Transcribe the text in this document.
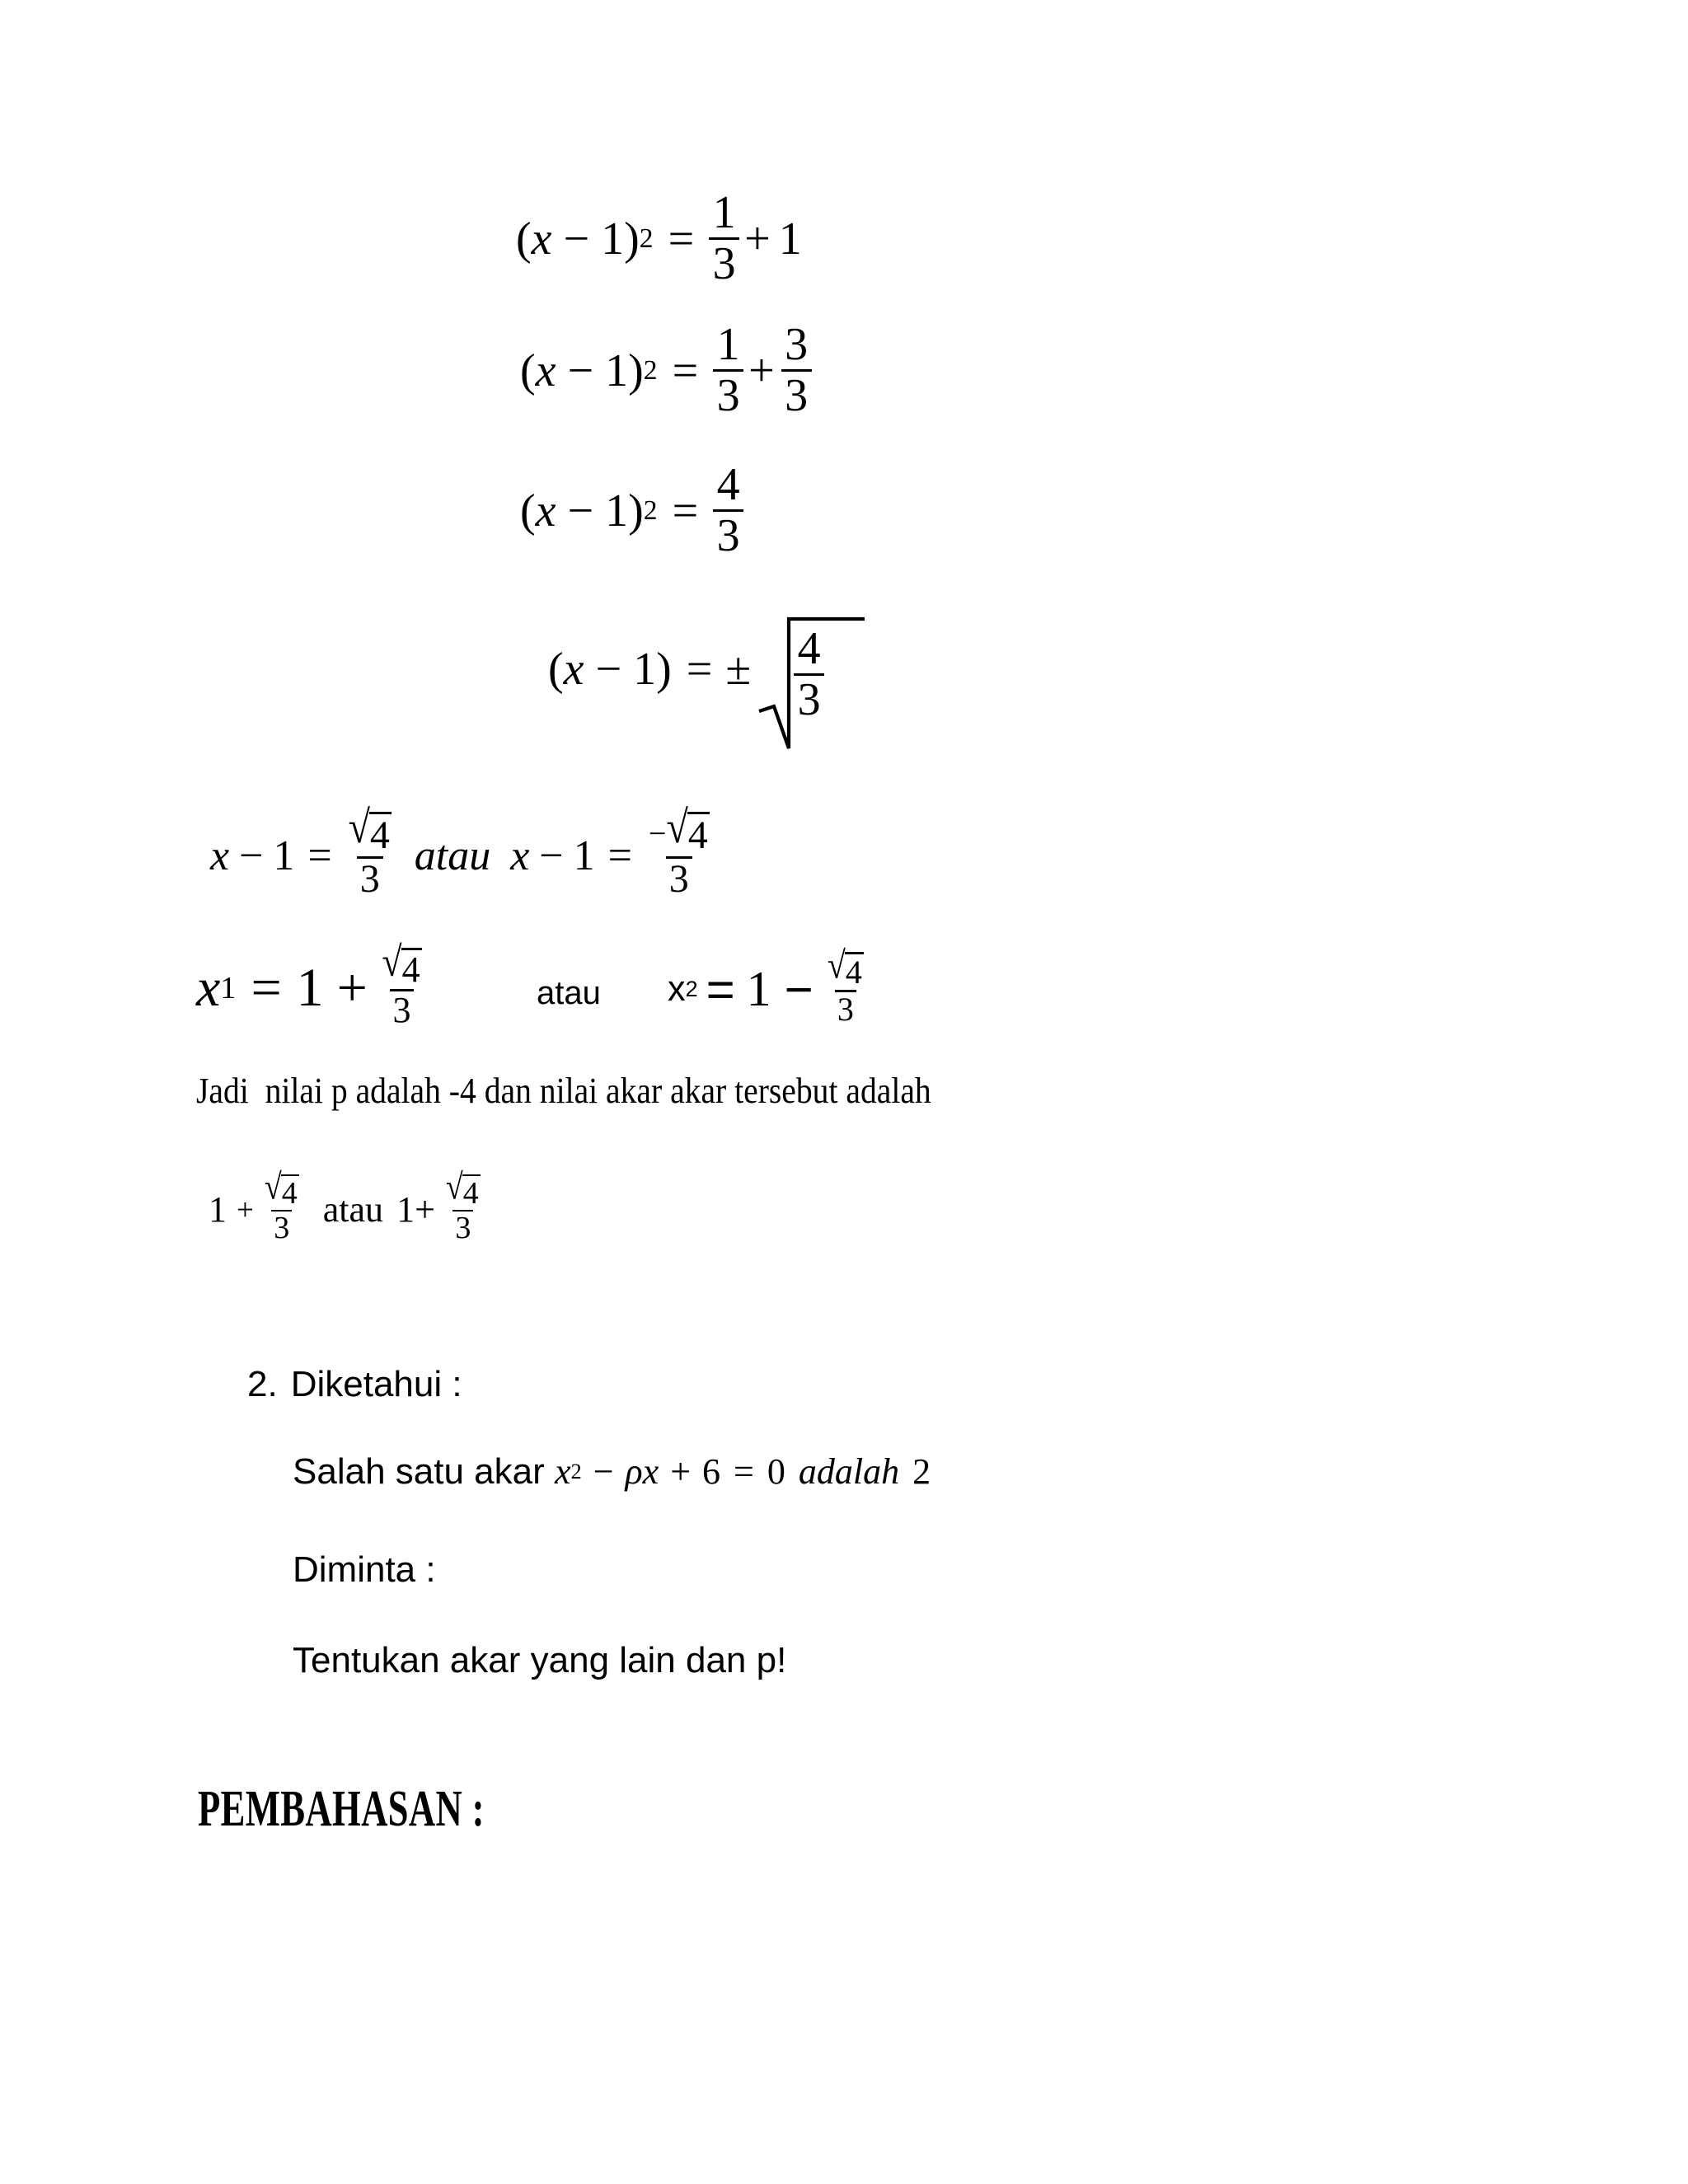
( x − 1 ) $2 = \frac{1}{3} + 1$
( x − 1 ) $2 = \frac{1}{3} + \frac{3}{3}$
( x − 1 ) $2 = \frac{4}{3}$
( x − 1 ) = ± $\frac{4}{3}$
$x - 1 = \frac{√ 4}{3}$ atau $x - 1 = \frac{- √ 4}{3}$
x $1 = 1 + \frac{√ 4}{3}$	atau x $2 = 1 - \frac{√ 4}{3}$
Jadi  nilai p adalah -4 dan nilai akar akar tersebut adalah
$1 + \frac{√ 4}{3}$ atau $1+ \frac{√ 4}{3}$
2. Diketahui :
Salah satu akar x 2 − ρ x + 6 = 0 adalah 2
Diminta :
Tentukan akar yang lain dan p!
PEMBAHASAN :
